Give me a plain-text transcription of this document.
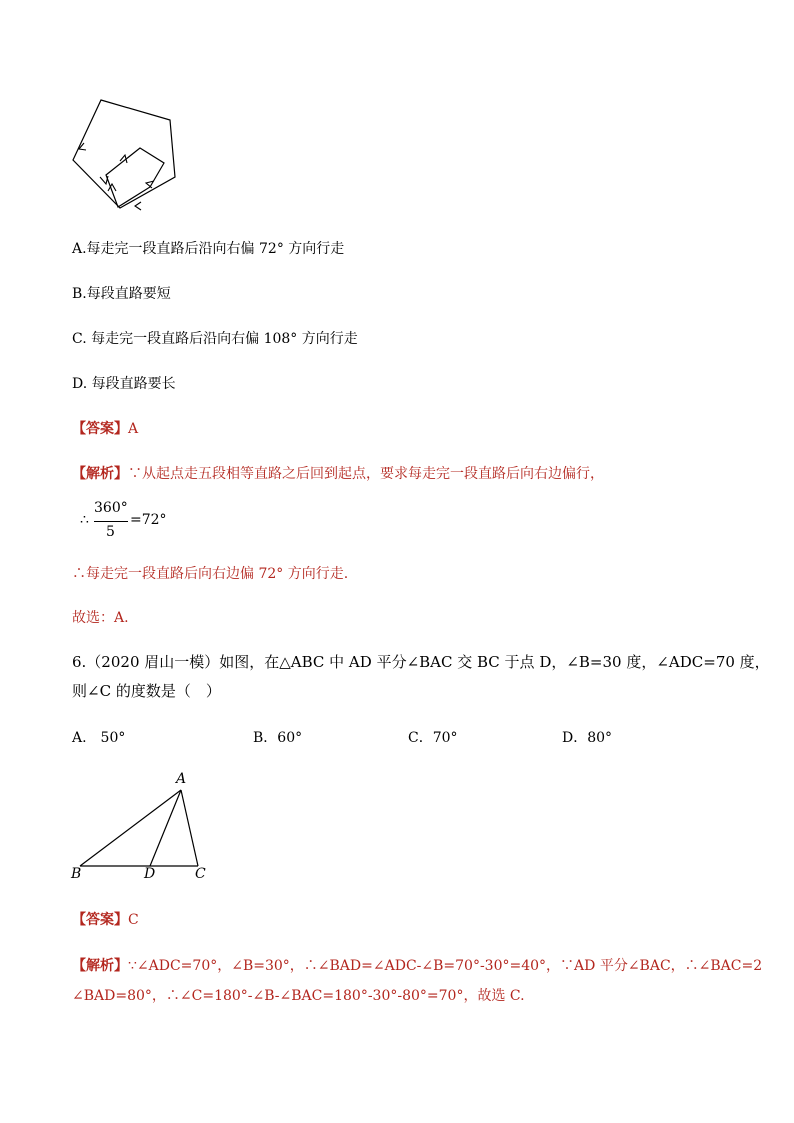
A.每走完一段直路后沿向右偏 72° 方向行走
B.每段直路要短
C. 每走完一段直路后沿向右偏 108° 方向行走
D. 每段直路要长
【答案】A
【解析】∵从起点走五段相等直路之后回到起点，要求每走完一段直路后向右边偏行，
∴
360°
5
=72°
∴每走完一段直路后向右边偏 72° 方向行走.
故选：A.
6.（2020 眉山一模）如图，在△ABC 中 AD 平分∠BAC 交 BC 于点 D，∠B=30 度，∠ADC=70 度，
则∠C 的度数是（　）
A.　50°	B．60°	C．70°	D．80°
A
B	D	C
【答案】C
【解析】∵∠ADC=70°，∠B=30°，∴∠BAD=∠ADC-∠B=70°-30°=40°，∵AD 平分∠BAC，∴∠BAC=2
∠BAD=80°，∴∠C=180°-∠B-∠BAC=180°-30°-80°=70°，故选 C.
